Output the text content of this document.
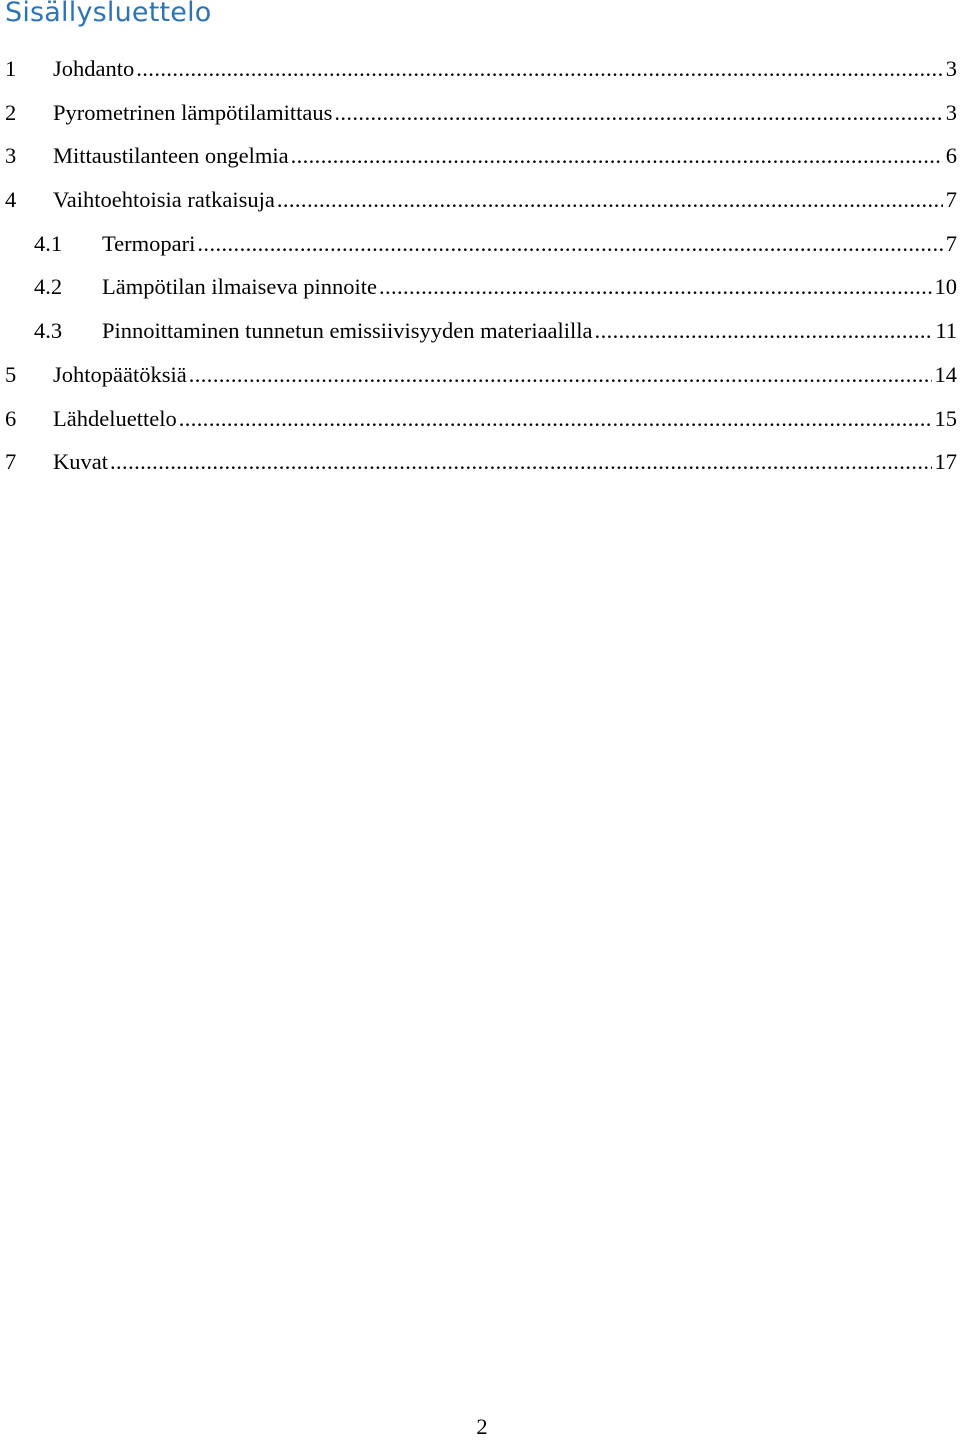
Sisällysluettelo
1	Johdanto .....	3
2	Pyrometrinen lämpötilamittaus .....	3
3	Mittaustilanteen ongelmia .....	6
4	Vaihtoehtoisia ratkaisuja .....	7
4.1	Termopari .....	7
4.2	Lämpötilan ilmaiseva pinnoite .....	10
4.3	Pinnoittaminen tunnetun emissiivisyyden materiaalilla .....	11
5	Johtopäätöksiä .....	14
6	Lähdeluettelo .....	15
7	Kuvat .....	17

2
